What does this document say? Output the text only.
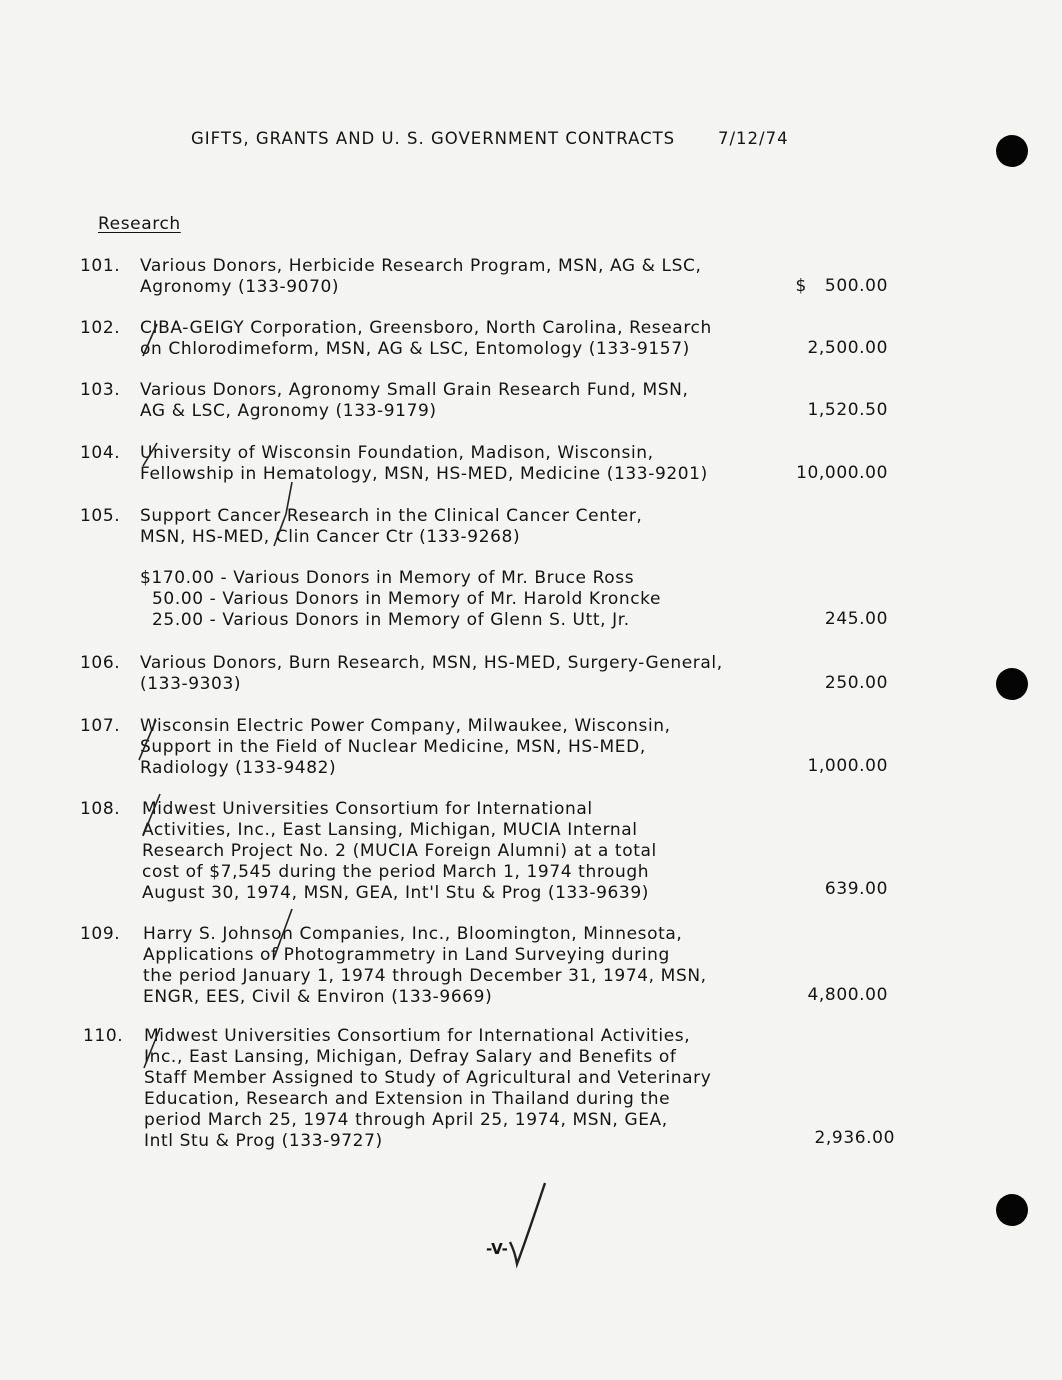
GIFTS, GRANTS AND U. S. GOVERNMENT CONTRACTS	7/12/74
Research
101. Various Donors, Herbicide Research Program, MSN, AG & LSC,
Agronomy (133-9070)	$   500.00
102. CIBA-GEIGY Corporation, Greensboro, North Carolina, Research
on Chlorodimeform, MSN, AG & LSC, Entomology (133-9157)	2,500.00
103. Various Donors, Agronomy Small Grain Research Fund, MSN,
AG & LSC, Agronomy (133-9179)	1,520.50
104. University of Wisconsin Foundation, Madison, Wisconsin,
Fellowship in Hematology, MSN, HS-MED, Medicine (133-9201)	10,000.00
105. Support Cancer Research in the Clinical Cancer Center,
MSN, HS-MED, Clin Cancer Ctr (133-9268)
$170.00 - Various Donors in Memory of Mr. Bruce Ross
50.00 - Various Donors in Memory of Mr. Harold Kroncke
25.00 - Various Donors in Memory of Glenn S. Utt, Jr.	245.00
106. Various Donors, Burn Research, MSN, HS-MED, Surgery-General,
(133-9303)	250.00
107. Wisconsin Electric Power Company, Milwaukee, Wisconsin,
Support in the Field of Nuclear Medicine, MSN, HS-MED,
Radiology (133-9482)	1,000.00
108. Midwest Universities Consortium for International
Activities, Inc., East Lansing, Michigan, MUCIA Internal
Research Project No. 2 (MUCIA Foreign Alumni) at a total
cost of $7,545 during the period March 1, 1974 through
August 30, 1974, MSN, GEA, Int'l Stu & Prog (133-9639)	639.00
109. Harry S. Johnson Companies, Inc., Bloomington, Minnesota,
Applications of Photogrammetry in Land Surveying during
the period January 1, 1974 through December 31, 1974, MSN,
ENGR, EES, Civil & Environ (133-9669)	4,800.00
110. Midwest Universities Consortium for International Activities,
Inc., East Lansing, Michigan, Defray Salary and Benefits of
Staff Member Assigned to Study of Agricultural and Veterinary
Education, Research and Extension in Thailand during the
period March 25, 1974 through April 25, 1974, MSN, GEA,
Intl Stu & Prog (133-9727)	2,936.00
-V-
